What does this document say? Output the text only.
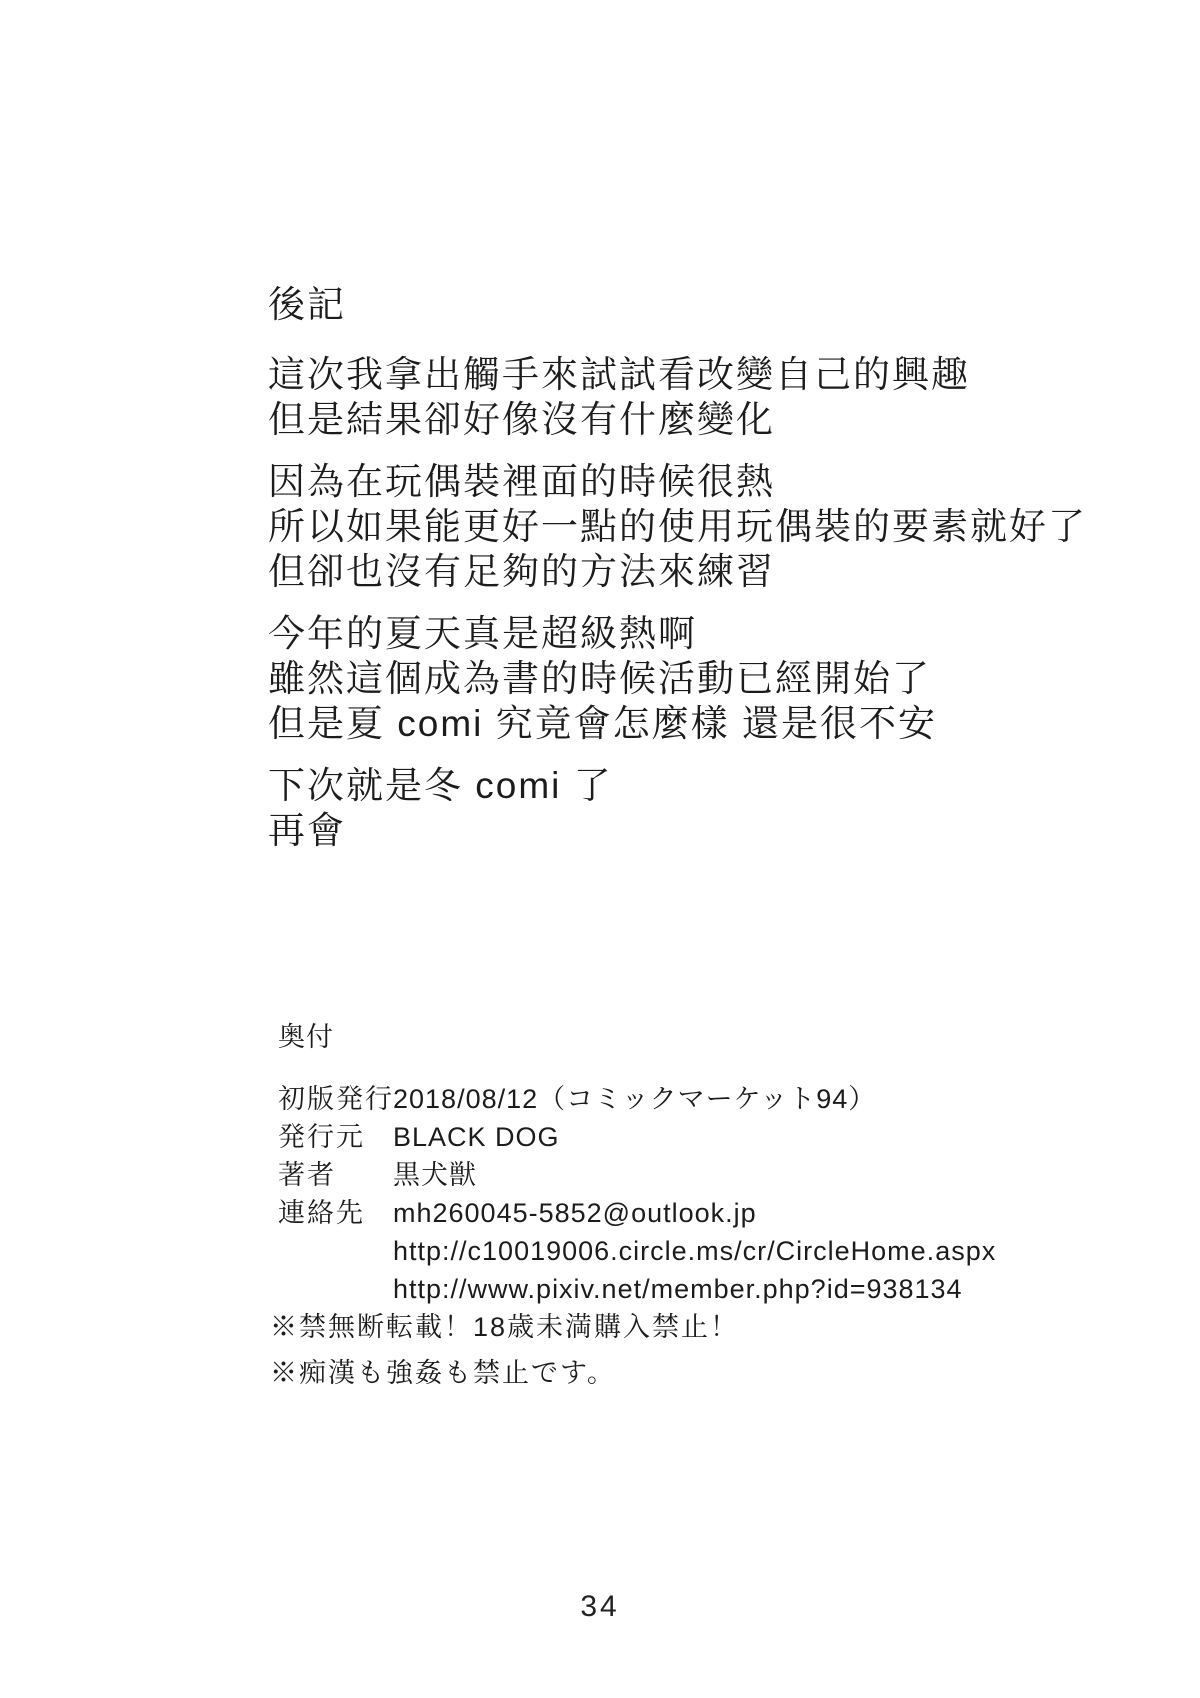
後記

這次我拿出觸手來試試看改變自己的興趣
但是結果卻好像沒有什麼變化

因為在玩偶裝裡面的時候很熱
所以如果能更好一點的使用玩偶裝的要素就好了
但卻也沒有足夠的方法來練習

今年的夏天真是超級熱啊
雖然這個成為書的時候活動已經開始了
但是夏 comi 究竟會怎麼樣 還是很不安

下次就是冬 comi 了
再會

奥付
初版発行2018/08/12（コミックマーケット94）
発行元 BLACK DOG
著者 黒犬獣
連絡先 mh260045-5852@outlook.jp
http://c10019006.circle.ms/cr/CircleHome.aspx
http://www.pixiv.net/member.php?id=938134
※禁無断転載！18歳未満購入禁止！
※痴漢も強姦も禁止です。
34
